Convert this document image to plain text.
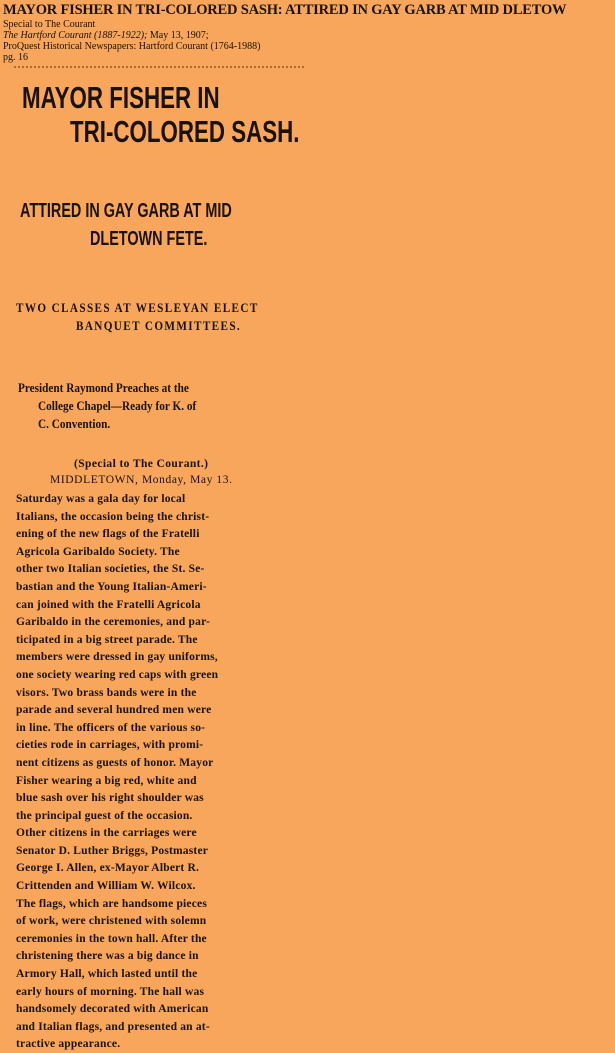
MAYOR FISHER IN TRI-COLORED SASH: ATTIRED IN GAY GARB AT MID DLETOW
Special to The Courant
The Hartford Courant (1887-1922); May 13, 1907;
ProQuest Historical Newspapers: Hartford Courant (1764-1988)
pg. 16
MAYOR FISHER IN
TRI-COLORED SASH.
ATTIRED IN GAY GARB AT MID
DLETOWN FETE.
TWO CLASSES AT WESLEYAN ELECT
BANQUET COMMITTEES.
President Raymond Preaches at the
College Chapel—Ready for K. of
C. Convention.
(Special to The Courant.)
MIDDLETOWN, Monday, May 13.
Saturday was a gala day for local
Italians, the occasion being the christ-
ening of the new flags of the Fratelli
Agricola Garibaldo Society. The
other two Italian societies, the St. Se-
bastian and the Young Italian-Ameri-
can joined with the Fratelli Agricola
Garibaldo in the ceremonies, and par-
ticipated in a big street parade. The
members were dressed in gay uniforms,
one society wearing red caps with green
visors. Two brass bands were in the
parade and several hundred men were
in line. The officers of the various so-
cieties rode in carriages, with promi-
nent citizens as guests of honor. Mayor
Fisher wearing a big red, white and
blue sash over his right shoulder was
the principal guest of the occasion.
Other citizens in the carriages were
Senator D. Luther Briggs, Postmaster
George I. Allen, ex-Mayor Albert R.
Crittenden and William W. Wilcox.
The flags, which are handsome pieces
of work, were christened with solemn
ceremonies in the town hall. After the
christening there was a big dance in
Armory Hall, which lasted until the
early hours of morning. The hall was
handsomely decorated with American
and Italian flags, and presented an at-
tractive appearance.
